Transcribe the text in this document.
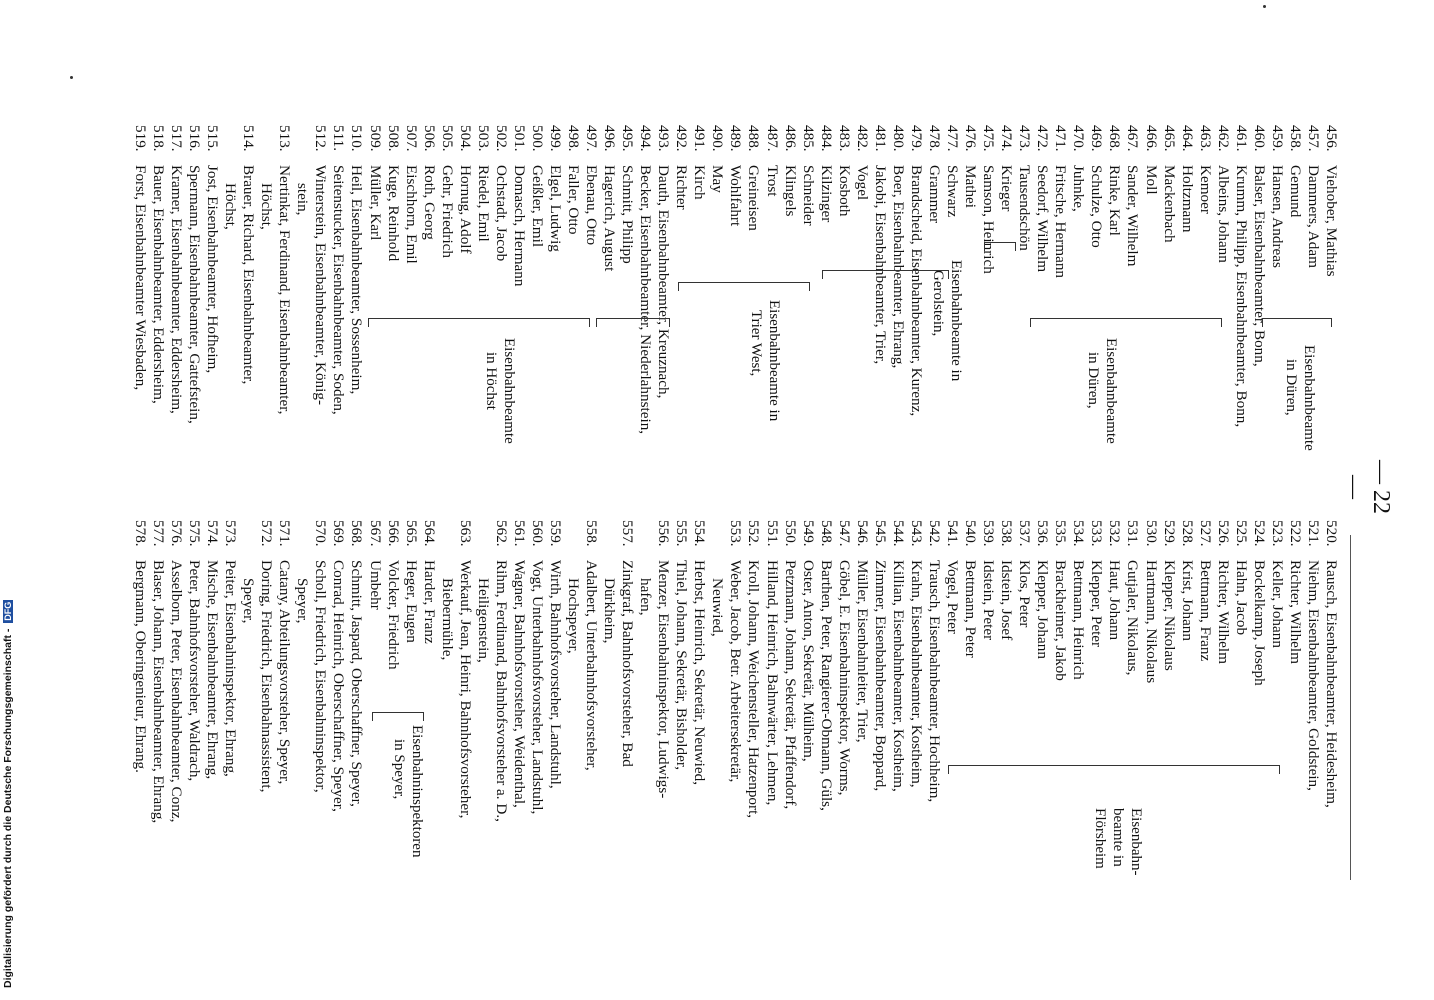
— 22 —
456.Viehober, Mathias
457.Dammers, Adam
458.Gemund
459.Hansen, Andreas
460.Balser, Eisenbahnbeamter, Bonn,
461.Krumm, Philipp, Eisenbahnbeamter, Bonn,
462.Albeins, Johann
463.Kemoer
464.Holtzmann
465.Mackenbach
466.Moll
467.Sander, Wilhelm
468.Rinke, Karl
469.Schulze, Otto
470.Juhnke,
471.Fritsche, Hermann
472.Seedorf, Wilhelm
473.Tausendschön
474.Krieger
475.Samson, Heinrich
476.Mathei
477.Schwarz
478.Grammer
479.Brandscheid, Eisenbahnbeamter, Kurenz,
480.Boer, Eisenbahnbeamter, Ehrang,
481.Jakobi, Eisenbahnbeamter, Trier,
482.Vogel
483.Kosboth
484.Kilzinger
485.Schneider
486.Klingels
487.Trost
488.Greineisen
489.Wohlfahrt
490.May
491.Kirch
492.Richter
493.Dauth, Eisenbahnbeamter, Kreuznach,
494.Becker, Eisenbahnbeamter, Niederlahnstein,
495.Schmitt, Philipp
496.Hagerich, August
497.Ebenau, Otto
498.Faller, Otto
499.Elgel, Ludwig
500.Geißler, Emil
501.Domasch, Hermann
502.Ochstadt, Jacob
503.Riedel, Emil
504.Hornug, Adolf
505.Gehr, Friedrich
506.Roth, Georg
507.Eischhorn, Emil
508.Kuge, Reinhold
509.Müller, Karl
510.Heil, Eisenbahnbeamter, Sossenheim,
511.Seitenstucker, Eisenbahnbeamter, Soden,
512.Winterstein, Eisenbahnbeamter, König-
stein,
513.Nertinkat, Ferdinand, Eisenbahnbeamter,
Höchst,
514.Brauer, Richard, Eisenbahnbeamter,
Höchst,
515.Jost, Eisenbahnbeamter, Hofheim,
516.Spermann, Eisenbahnbeamter, Gattefstein,
517.Kramer, Eisenbahnbeamter, Eddersheim,
518.Bauer, Eisenbahnbeamter, Eddersheim,
519.Forst, Eisenbahnbeamter Wiesbaden,
520.Rausch, Eisenbahnbeamter, Heidesheim,
521.Niehm, Eisenbahnbeamter, Goldstein,
522.Richter, Wilhelm
523.Keller, Johann
524.Bockelkamp, Joseph
525.Hahn, Jacob
526.Richter, Wilhelm
527.Bettmann, Franz
528.Krist, Johann
529.Klepper, Nikolaus
530.Hartmann, Nikolaus
531.Gutjaler, Nikolaus,
532.Haut, Johann
533.Klepper, Peter
534.Bettmann, Heinrich
535.Brackheimer, Jakob
536.Klepper, Johann
537.Klos, Peter
538.Idstein, Josef
539.Idstein, Peter
540.Bettmann, Peter
541.Vogel, Peter
542.Trausch, Eisenbahnbeamter, Hochheim,
543.Krahn, Eisenbahnbeamter, Kostheim,
544.Killian, Eisenbahnbeamter, Kostheim,
545.Zimmer, Eisenbahnbeamter, Boppard,
546.Müller, Eisenbahnleiter, Trier,
547.Göbel, E. Eisenbahninspektor, Worms,
548.Barthen, Peter, Rangierer-Obmann, Güls,
549.Oster, Anton, Sekretär, Mülheim,
550.Petzmann, Johann, Sekretär, Pfaffendorf,
551.Hilland, Heinrich, Bahnwärter, Lehmen,
552.Kroll, Johann, Weichensteller, Hatzenport,
553.Weber, Jacob, Betr. Arbeitersekretär,
Neuwied,
554.Herbst, Heinrich, Sekretär, Neuwied,
555.Thiel, Johann, Sekretär, Bisholder,
556.Menzer, Eisenbahninspektor, Ludwigs-
hafen,
557.Zinkgraf, Bahnhofsvorsteher, Bad
Dürkheim,
558.Adalbert, Unterbahnhofsvorsteher,
Hochspeyer,
559.Wirth, Bahnhofsvorsteher, Landstuhl,
560.Vogt, Unterbahnhofsvorsteher, Landstuhl,
561.Wagner, Bahnhofsvorsteher, Weidenthal,
562.Rihm, Ferdinand, Bahnhofsvorsteher a. D.,
Heiligenstein,
563.Werkauf, Jean, Heinri, Bahnhofsvorsteher,
Biebermühle,
564.Harder, Franz
565.Heger, Eugen
566.Volcker, Friedrich
567.Umbehr
568.Schmitt, Jaspard, Oberschaffner, Speyer,
569.Conrad, Heinrich, Oberschaffner, Speyer,
570.Scholl, Friedrich, Eisenbahninspektor,
Speyer,
571.Catany, Abteilungsvorsteher, Speyer,
572.Doring, Friedrich, Eisenbahnassistent,
Speyer,
573.Peiter, Eisenbahninspektor, Ehrang,
574.Mische, Eisenbahnbeamter, Ehrang,
575.Peter, Bahnhofsvorsteher, Waldrach,
576.Asselborn, Peter, Eisenbahnbeamter, Conz,
577.Blaser, Johann, Eisenbahnbeamter, Ehrang,
578.Bergmann, Oberingenieur, Ehrang.
Eisenbahnbeamte
in Düren,
Eisenbahnbeamte
in Düren,
Eisenbahnbeamte in
Gerolstein,
Eisenbahnbeamte in
Trier West,
Eisenbahnbeamte
in Höchst
Eisenbahn-
beamte in
Flörsheim
Eisenbahninspektoren
in Speyer,
Digitalisierung gefördert durch die Deutsche Forschungsgemeinschaft - DFG
